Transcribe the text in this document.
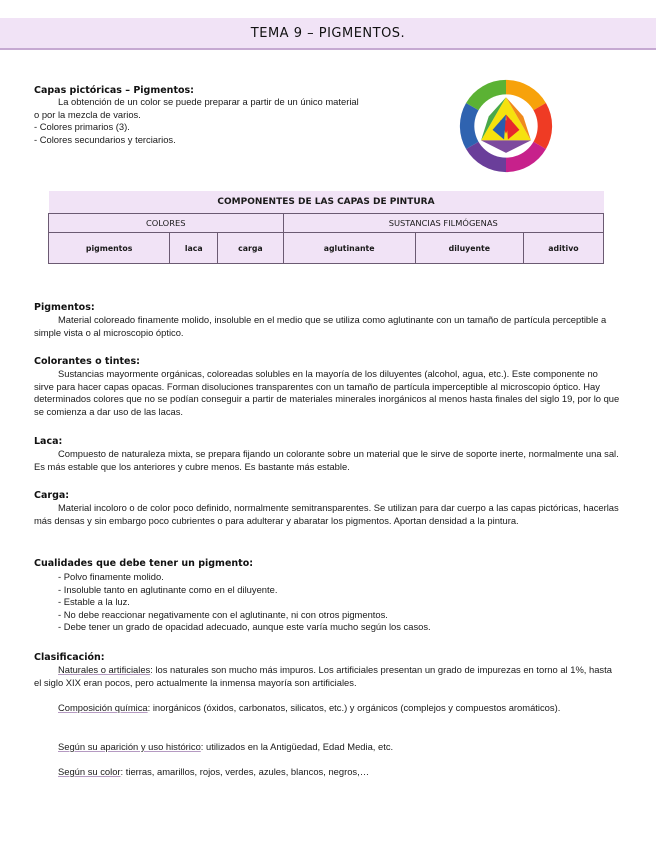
TEMA 9 – PIGMENTOS.

Capas pictóricas – Pigmentos:

La obtención de un color se puede preparar a partir de un único material
o por la mezcla de varios.
- Colores primarios (3).
- Colores secundarios y terciarios.

COMPONENTES DE LAS CAPAS DE PINTURA					
COLORES			SUSTANCIAS FILMÓGENAS		
pigmentos	laca	carga	aglutinante	diluyente	aditivo

Pigmentos:

Material coloreado finamente molido, insoluble en el medio que se utiliza como aglutinante con un tamaño de partícula perceptible a simple vista o al microscopio óptico.

Colorantes o tintes:

Sustancias mayormente orgánicas, coloreadas solubles en la mayoría de los diluyentes (alcohol, agua, etc.). Este componente no sirve para hacer capas opacas. Forman disoluciones transparentes con un tamaño de partícula imperceptible al microscopio óptico. Hay determinados colores que no se podían conseguir a partir de materiales minerales inorgánicos al menos hasta finales del siglo 19, por lo que se comienza a dar uso de las lacas.

Laca:

Compuesto de naturaleza mixta, se prepara fijando un colorante sobre un material que le sirve de soporte inerte, normalmente una sal. Es más estable que los anteriores y cubre menos. Es bastante más estable.

Carga:

Material incoloro o de color poco definido, normalmente semitransparentes. Se utilizan para dar cuerpo a las capas pictóricas, hacerlas más densas y sin embargo poco cubrientes o para adulterar y abaratar los pigmentos. Aportan densidad a la pintura.

Cualidades que debe tener un pigmento:

- Polvo finamente molido.
- Insoluble tanto en aglutinante como en el diluyente.
- Estable a la luz.
- No debe reaccionar negativamente con el aglutinante, ni con otros pigmentos.
- Debe tener un grado de opacidad adecuado, aunque este varía mucho según los casos.

Clasificación:

Naturales o artificiales: los naturales son mucho más impuros. Los artificiales presentan un grado de impurezas en torno al 1%, hasta el siglo XIX eran pocos, pero actualmente la inmensa mayoría son artificiales.

Composición química: inorgánicos (óxidos, carbonatos, silicatos, etc.) y orgánicos (complejos y compuestos aromáticos).

Según su aparición y uso histórico: utilizados en la Antigüedad, Edad Media, etc.

Según su color: tierras, amarillos, rojos, verdes, azules, blancos, negros,…
